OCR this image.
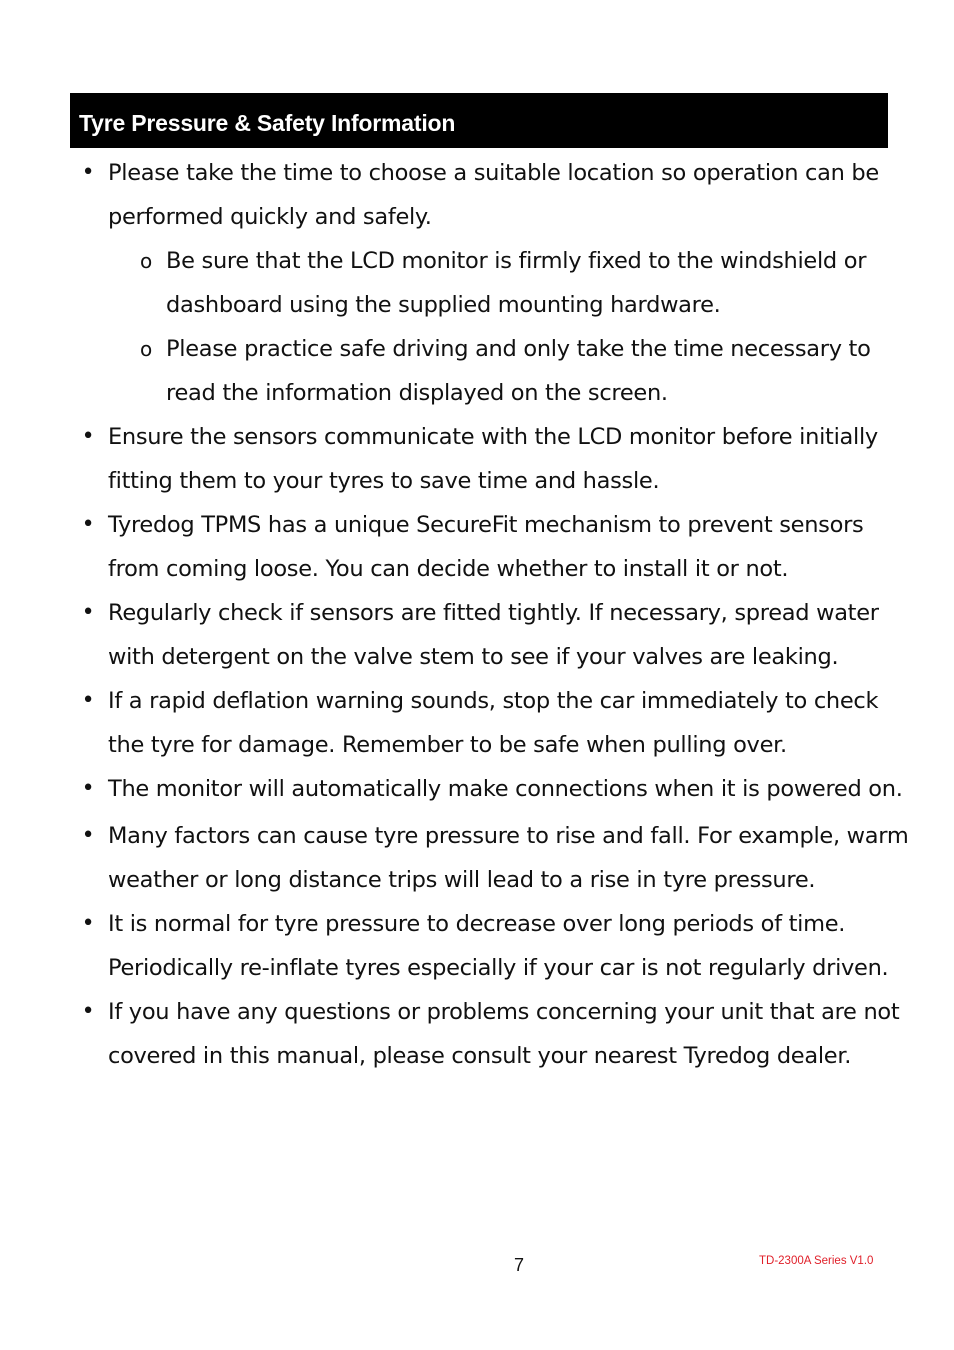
Tyre Pressure & Safety Information
• Please take the time to choose a suitable location so operation can be
performed quickly and safely.
o Be sure that the LCD monitor is firmly fixed to the windshield or
dashboard using the supplied mounting hardware.
o Please practice safe driving and only take the time necessary to
read the information displayed on the screen.
• Ensure the sensors communicate with the LCD monitor before initially
fitting them to your tyres to save time and hassle.
• Tyredog TPMS has a unique SecureFit mechanism to prevent sensors
from coming loose. You can decide whether to install it or not.
• Regularly check if sensors are fitted tightly. If necessary, spread water
with detergent on the valve stem to see if your valves are leaking.
• If a rapid deflation warning sounds, stop the car immediately to check
the tyre for damage. Remember to be safe when pulling over.
• The monitor will automatically make connections when it is powered on.
• Many factors can cause tyre pressure to rise and fall. For example, warm
weather or long distance trips will lead to a rise in tyre pressure.
• It is normal for tyre pressure to decrease over long periods of time.
Periodically re-inflate tyres especially if your car is not regularly driven.
• If you have any questions or problems concerning your unit that are not
covered in this manual, please consult your nearest Tyredog dealer.
7	TD-2300A Series V1.0
